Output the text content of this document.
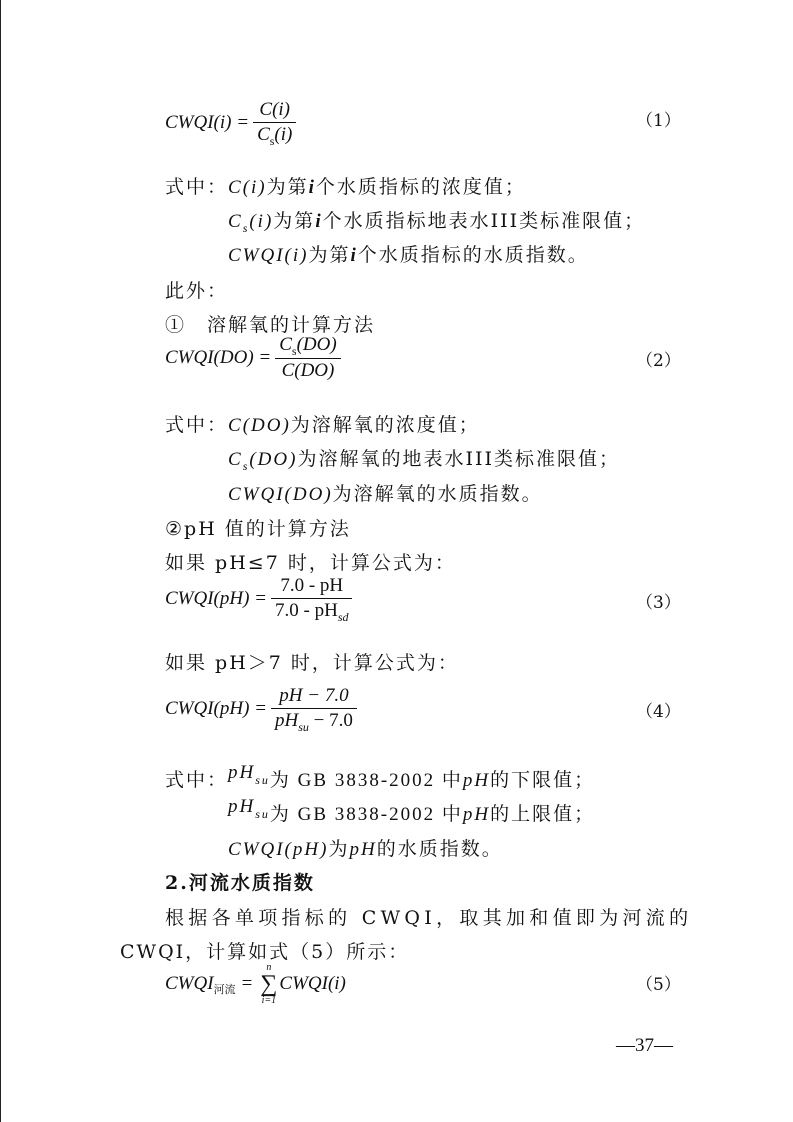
CWQI(i) = $\frac{C(i)}{C_s(i)}$	（1）
式中：C(i)为第i个水质指标的浓度值；
$C_s(i)$为第i个水质指标地表水III类标准限值；
CWQI(i)为第i个水质指标的水质指数。
此外：
①　溶解氧的计算方法
CWQI(DO) = $\frac{C_s(DO)}{C(DO)}$	（2）
式中：C(DO)为溶解氧的浓度值；
$C_s(DO)$为溶解氧的地表水III类标准限值；
CWQI(DO)为溶解氧的水质指数。
②pH 值的计算方法
如果 pH≤7 时，计算公式为：
CWQI(pH) = $\frac{7.0 - pH}{7.0 - pH_{sd}}$	（3）
如果 pH＞7 时，计算公式为：
CWQI(pH) = $\frac{pH - 7.0}{pH_{su} - 7.0}$	（4）
式中：pHsu为 GB 3838-2002 中pH的下限值；
pHsu为 GB 3838-2002 中pH的上限值；
CWQI(pH)为pH的水质指数。
2.河流水质指数
根据各单项指标的 CWQI，取其加和值即为河流的
CWQI，计算如式（5）所示：
CWQI 河流 =
n
∑
i=1
CWQI(i)	（5）
—37—
